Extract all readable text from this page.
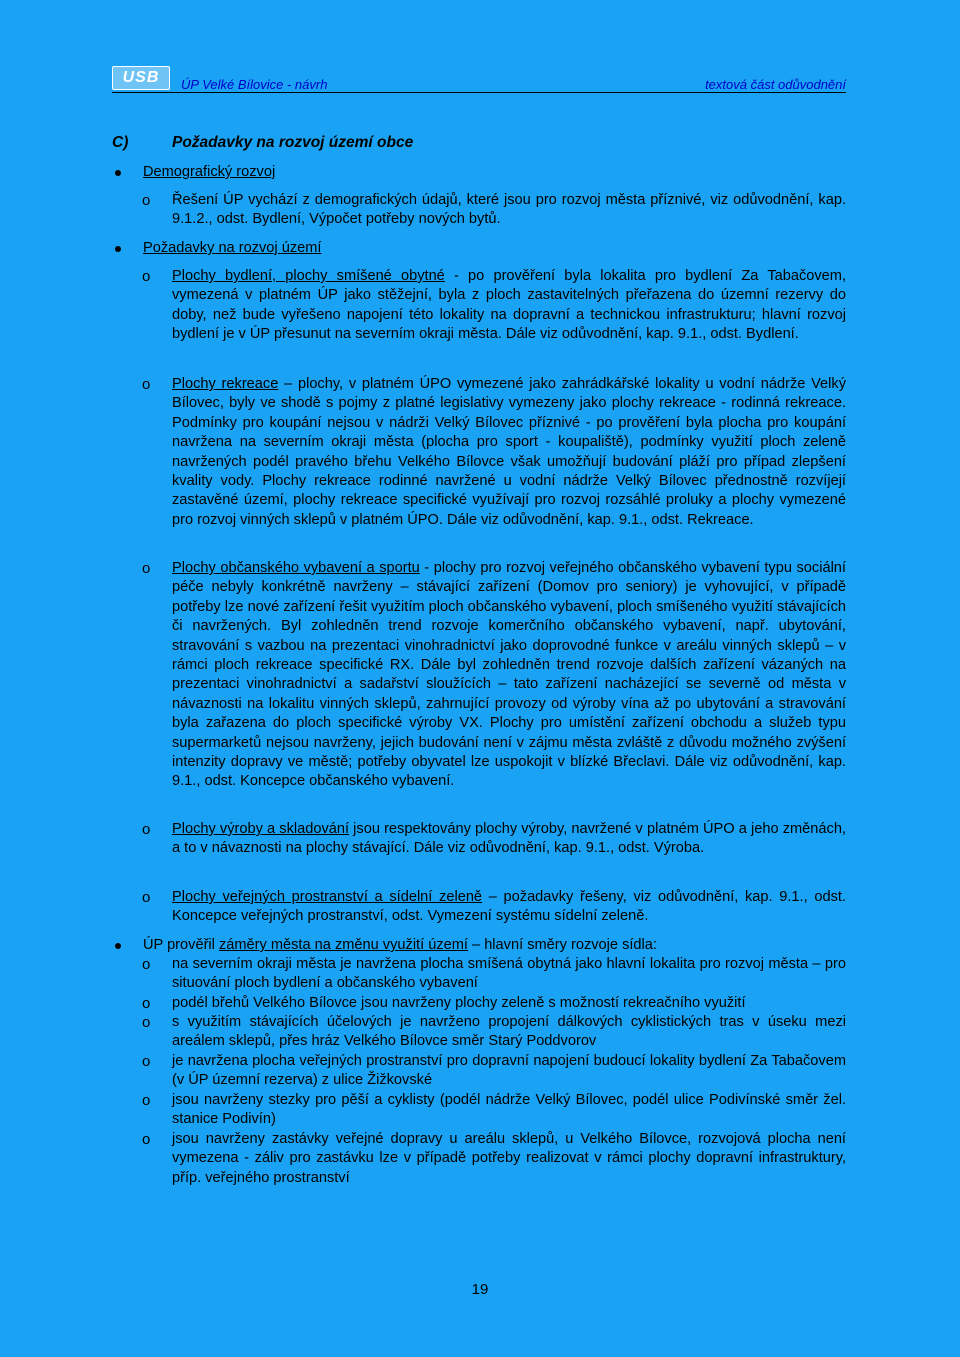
USB	ÚP Velké Bílovice - návrh	textová část odůvodnění
C)	Požadavky na rozvoj území obce
Demografický rozvoj
o Řešení ÚP vychází z demografických údajů, které jsou pro rozvoj města příznivé, viz odůvodnění, kap. 9.1.2., odst. Bydlení, Výpočet potřeby nových bytů.
Požadavky na rozvoj území
o Plochy bydlení, plochy smíšené obytné - po prověření byla lokalita pro bydlení Za Tabačovem, vymezená v platném ÚP jako stěžejní, byla z ploch zastavitelných přeřazena do územní rezervy do doby, než bude vyřešeno napojení této lokality na dopravní a technickou infrastrukturu; hlavní rozvoj bydlení je v ÚP přesunut na severním okraji města. Dále viz odůvodnění, kap. 9.1., odst. Bydlení.
o Plochy rekreace – plochy, v platném ÚPO vymezené jako zahrádkářské lokality u vodní nádrže Velký Bílovec, byly ve shodě s pojmy z platné legislativy vymezeny jako plochy rekreace - rodinná rekreace. Podmínky pro koupání nejsou v nádrži Velký Bílovec příznivé - po prověření byla plocha pro koupání navržena na severním okraji města (plocha pro sport - koupaliště), podmínky využití ploch zeleně navržených podél pravého břehu Velkého Bílovce však umožňují budování pláží pro případ zlepšení kvality vody. Plochy rekreace rodinné navržené u vodní nádrže Velký Bílovec přednostně rozvíjejí zastavěné území, plochy rekreace specifické využívají pro rozvoj rozsáhlé proluky a plochy vymezené pro rozvoj vinných sklepů v platném ÚPO. Dále viz odůvodnění, kap. 9.1., odst. Rekreace.
o Plochy občanského vybavení a sportu - plochy pro rozvoj veřejného občanského vybavení typu sociální péče nebyly konkrétně navrženy – stávající zařízení (Domov pro seniory) je vyhovující, v případě potřeby lze nové zařízení řešit využitím ploch občanského vybavení, ploch smíšeného využití stávajících či navržených. Byl zohledněn trend rozvoje komerčního občanského vybavení, např. ubytování, stravování s vazbou na prezentaci vinohradnictví jako doprovodné funkce v areálu vinných sklepů – v rámci ploch rekreace specifické RX. Dále byl zohledněn trend rozvoje dalších zařízení vázaných na prezentaci vinohradnictví a sadařství sloužících – tato zařízení nacházející se severně od města v návaznosti na lokalitu vinných sklepů, zahrnující provozy od výroby vína až po ubytování a stravování byla zařazena do ploch specifické výroby VX. Plochy pro umístění zařízení obchodu a služeb typu supermarketů nejsou navrženy, jejich budování není v zájmu města zvláště z důvodu možného zvýšení intenzity dopravy ve městě; potřeby obyvatel lze uspokojit v blízké Břeclavi. Dále viz odůvodnění, kap. 9.1., odst. Koncepce občanského vybavení.
o Plochy výroby a skladování jsou respektovány plochy výroby, navržené v platném ÚPO a jeho změnách, a to v návaznosti na plochy stávající. Dále viz odůvodnění, kap. 9.1., odst. Výroba.
o Plochy veřejných prostranství a sídelní zeleně – požadavky řešeny, viz odůvodnění, kap. 9.1., odst. Koncepce veřejných prostranství, odst. Vymezení systému sídelní zeleně.
ÚP prověřil záměry města na změnu využití území – hlavní směry rozvoje sídla:
o na severním okraji města je navržena plocha smíšená obytná jako hlavní lokalita pro rozvoj města – pro situování ploch bydlení a občanského vybavení
o podél břehů Velkého Bílovce jsou navrženy plochy zeleně s možností rekreačního využití
o s využitím stávajících účelových je navrženo propojení dálkových cyklistických tras v úseku mezi areálem sklepů, přes hráz Velkého Bílovce směr Starý Poddvorov
o je navržena plocha veřejných prostranství pro dopravní napojení budoucí lokality bydlení Za Tabačovem (v ÚP územní rezerva) z ulice Žižkovské
o jsou navrženy stezky pro pěší a cyklisty (podél nádrže Velký Bílovec, podél ulice Podivínské směr žel. stanice Podivín)
o jsou navrženy zastávky veřejné dopravy u areálu sklepů, u Velkého Bílovce, rozvojová plocha není vymezena - záliv pro zastávku lze v případě potřeby realizovat v rámci plochy dopravní infrastruktury, příp. veřejného prostranství
19
